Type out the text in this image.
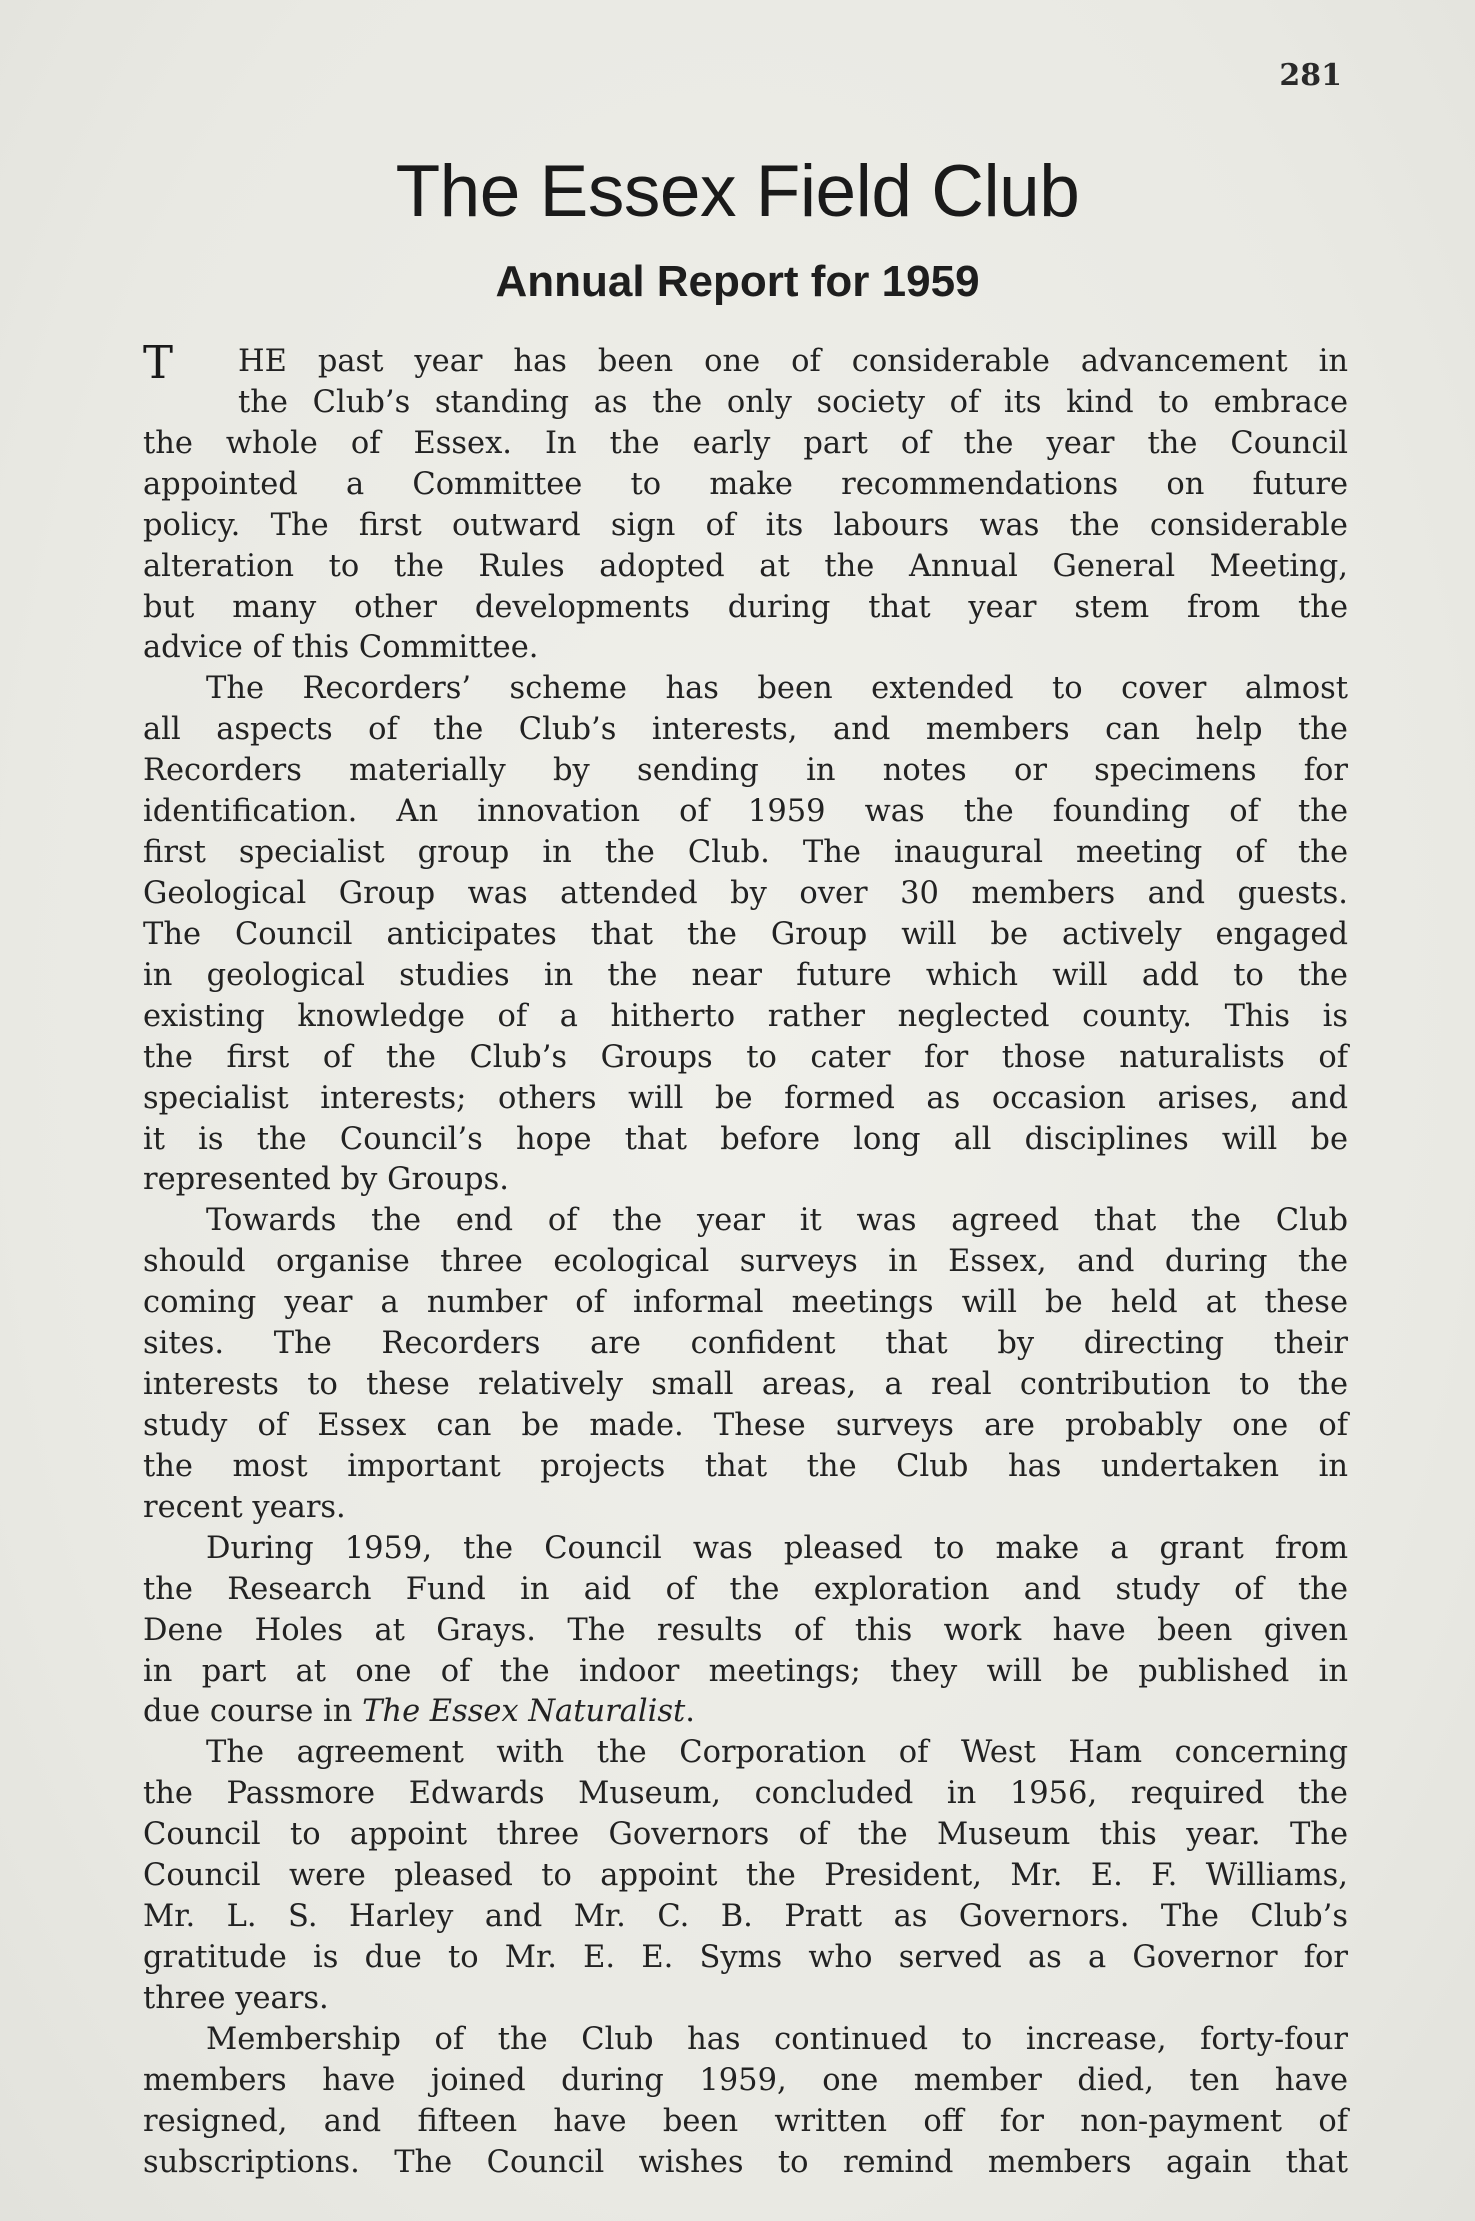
281
The Essex Field Club
Annual Report for 1959
T HE past year has been one of considerable advancement in
the Club’s standing as the only society of its kind to embrace
the whole of Essex. In the early part of the year the Council
appointed a Committee to make recommendations on future
policy. The first outward sign of its labours was the considerable
alteration to the Rules adopted at the Annual General Meeting,
but many other developments during that year stem from the
advice of this Committee.
The Recorders’ scheme has been extended to cover almost
all aspects of the Club’s interests, and members can help the
Recorders materially by sending in notes or specimens for
identification. An innovation of 1959 was the founding of the
first specialist group in the Club. The inaugural meeting of the
Geological Group was attended by over 30 members and guests.
The Council anticipates that the Group will be actively engaged
in geological studies in the near future which will add to the
existing knowledge of a hitherto rather neglected county. This is
the first of the Club’s Groups to cater for those naturalists of
specialist interests; others will be formed as occasion arises, and
it is the Council’s hope that before long all disciplines will be
represented by Groups.
Towards the end of the year it was agreed that the Club
should organise three ecological surveys in Essex, and during the
coming year a number of informal meetings will be held at these
sites. The Recorders are confident that by directing their
interests to these relatively small areas, a real contribution to the
study of Essex can be made. These surveys are probably one of
the most important projects that the Club has undertaken in
recent years.
During 1959, the Council was pleased to make a grant from
the Research Fund in aid of the exploration and study of the
Dene Holes at Grays. The results of this work have been given
in part at one of the indoor meetings; they will be published in
due course in The Essex Naturalist.
The agreement with the Corporation of West Ham concerning
the Passmore Edwards Museum, concluded in 1956, required the
Council to appoint three Governors of the Museum this year. The
Council were pleased to appoint the President, Mr. E. F. Williams,
Mr. L. S. Harley and Mr. C. B. Pratt as Governors. The Club’s
gratitude is due to Mr. E. E. Syms who served as a Governor for
three years.
Membership of the Club has continued to increase, forty-four
members have joined during 1959, one member died, ten have
resigned, and fifteen have been written off for non-payment of
subscriptions. The Council wishes to remind members again that
